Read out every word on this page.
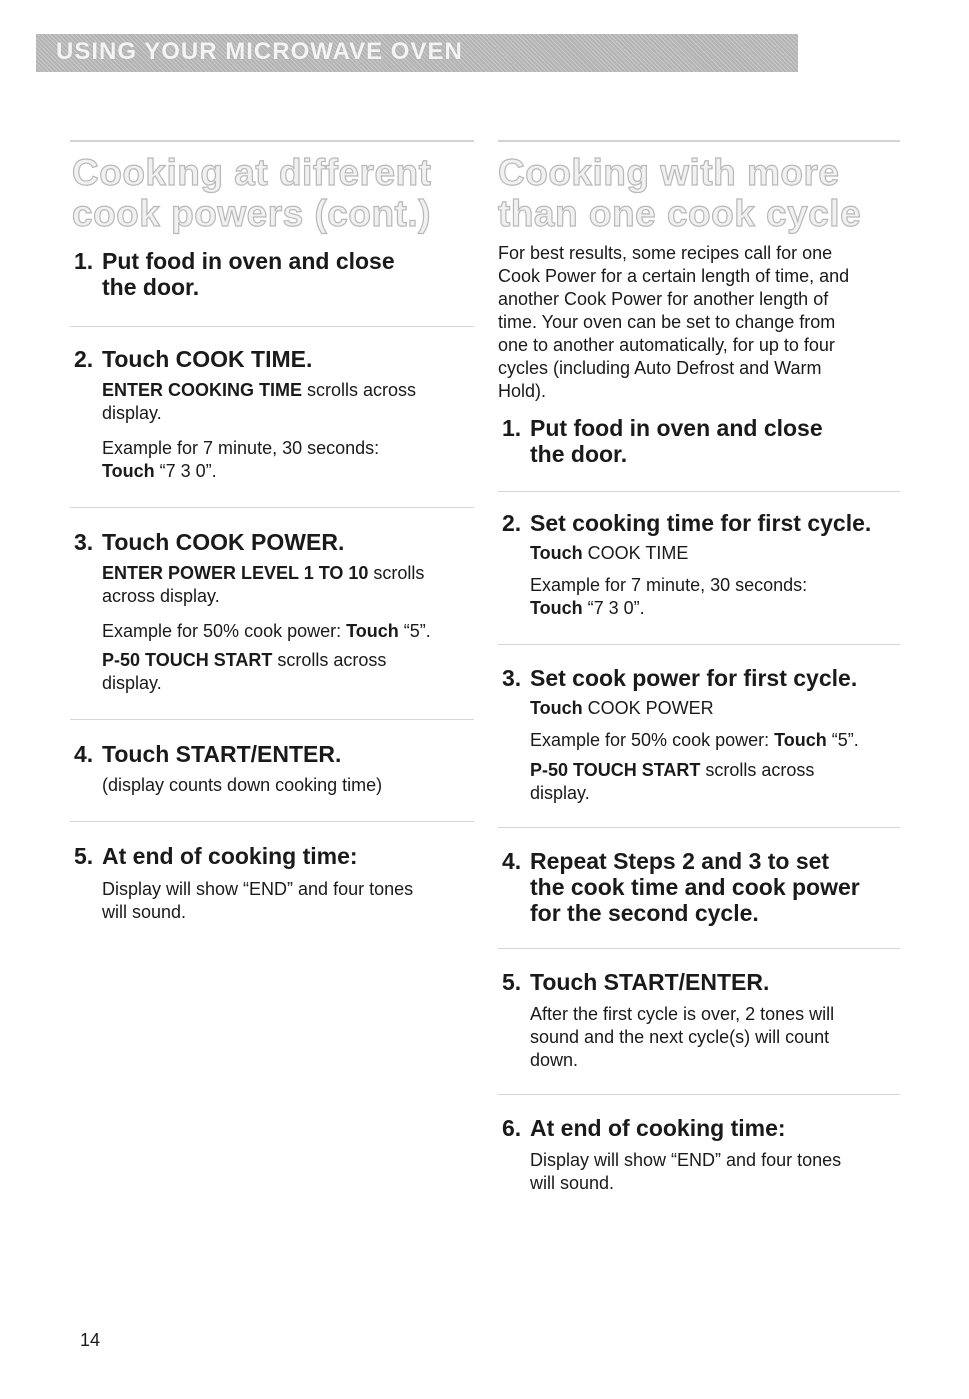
USING YOUR MICROWAVE OVEN
Cooking at different
cook powers (cont.)
1. Put food in oven and close
the door.
2. Touch COOK TIME.

ENTER COOKING TIME scrolls across
display.

Example for 7 minute, 30 seconds:
Touch “7 3 0”.

3. Touch COOK POWER.

ENTER POWER LEVEL 1 TO 10 scrolls
across display.

Example for 50% cook power: Touch “5”.

P-50 TOUCH START scrolls across
display.

4. Touch START/ENTER.

(display counts down cooking time)

5. At end of cooking time:

Display will show “END” and four tones
will sound.

Cooking with more
than one cook cycle

For best results, some recipes call for one
Cook Power for a certain length of time, and
another Cook Power for another length of
time. Your oven can be set to change from
one to another automatically, for up to four
cycles (including Auto Defrost and Warm
Hold).

1. Put food in oven and close
the door.
2. Set cooking time for first cycle.

Touch COOK TIME

Example for 7 minute, 30 seconds:
Touch “7 3 0”.

3. Set cook power for first cycle.

Touch COOK POWER

Example for 50% cook power: Touch “5”.

P-50 TOUCH START scrolls across
display.

4. Repeat Steps 2 and 3 to set
the cook time and cook power
for the second cycle.
5. Touch START/ENTER.

After the first cycle is over, 2 tones will
sound and the next cycle(s) will count
down.

6. At end of cooking time:

Display will show “END” and four tones
will sound.

14
